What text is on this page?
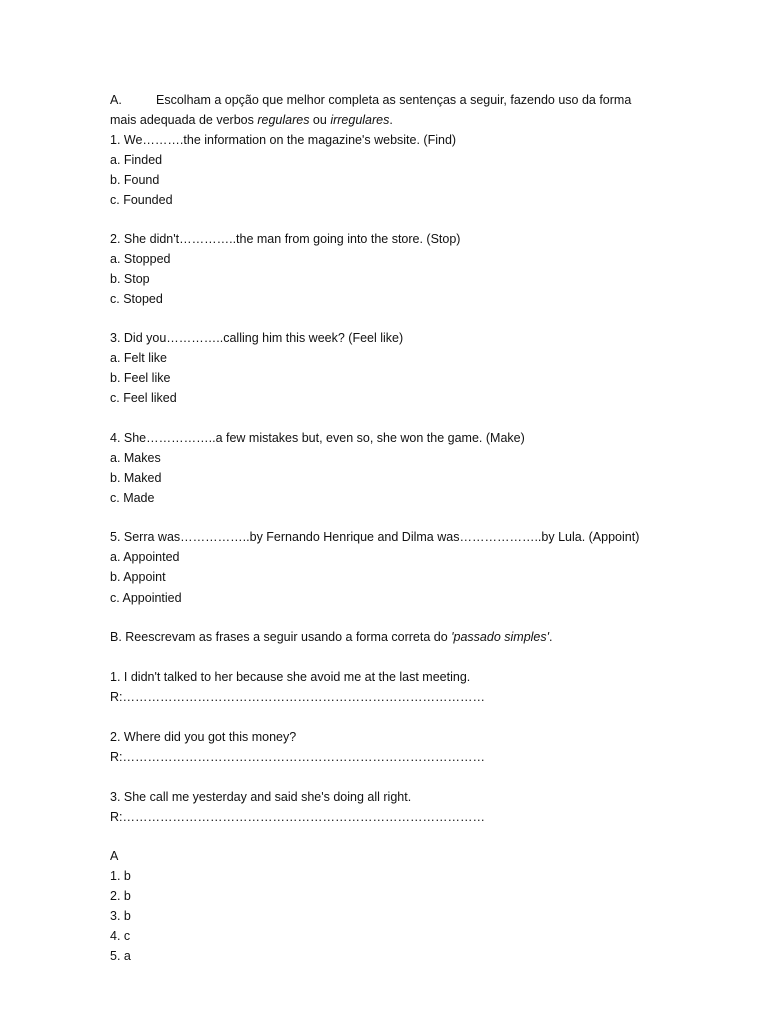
A.	Escolham a opção que melhor completa as sentenças a seguir, fazendo uso da forma
mais adequada de verbos regulares ou irregulares.
1. We……….the information on the magazine's website. (Find)
a. Finded
b. Found
c. Founded
2. She didn't…………..the man from going into the store. (Stop)
a. Stopped
b. Stop
c. Stoped
3. Did you…………..calling him this week? (Feel like)
a. Felt like
b. Feel like
c. Feel liked
4. She……………..a few mistakes but, even so, she won the game. (Make)
a. Makes
b. Maked
c. Made
5. Serra was……………..by Fernando Henrique and Dilma was………………..by Lula. (Appoint)
a. Appointed
b. Appoint
c. Appointied
B. Reescrevam as frases a seguir usando a forma correta do 'passado simples'.
1. I didn't talked to her because she avoid me at the last meeting.
R:……………………………………………………………………………
2. Where did you got this money?
R:……………………………………………………………………………
3. She call me yesterday and said she's doing all right.
R:……………………………………………………………………………
A
1. b
2. b
3. b
4. c
5. a
